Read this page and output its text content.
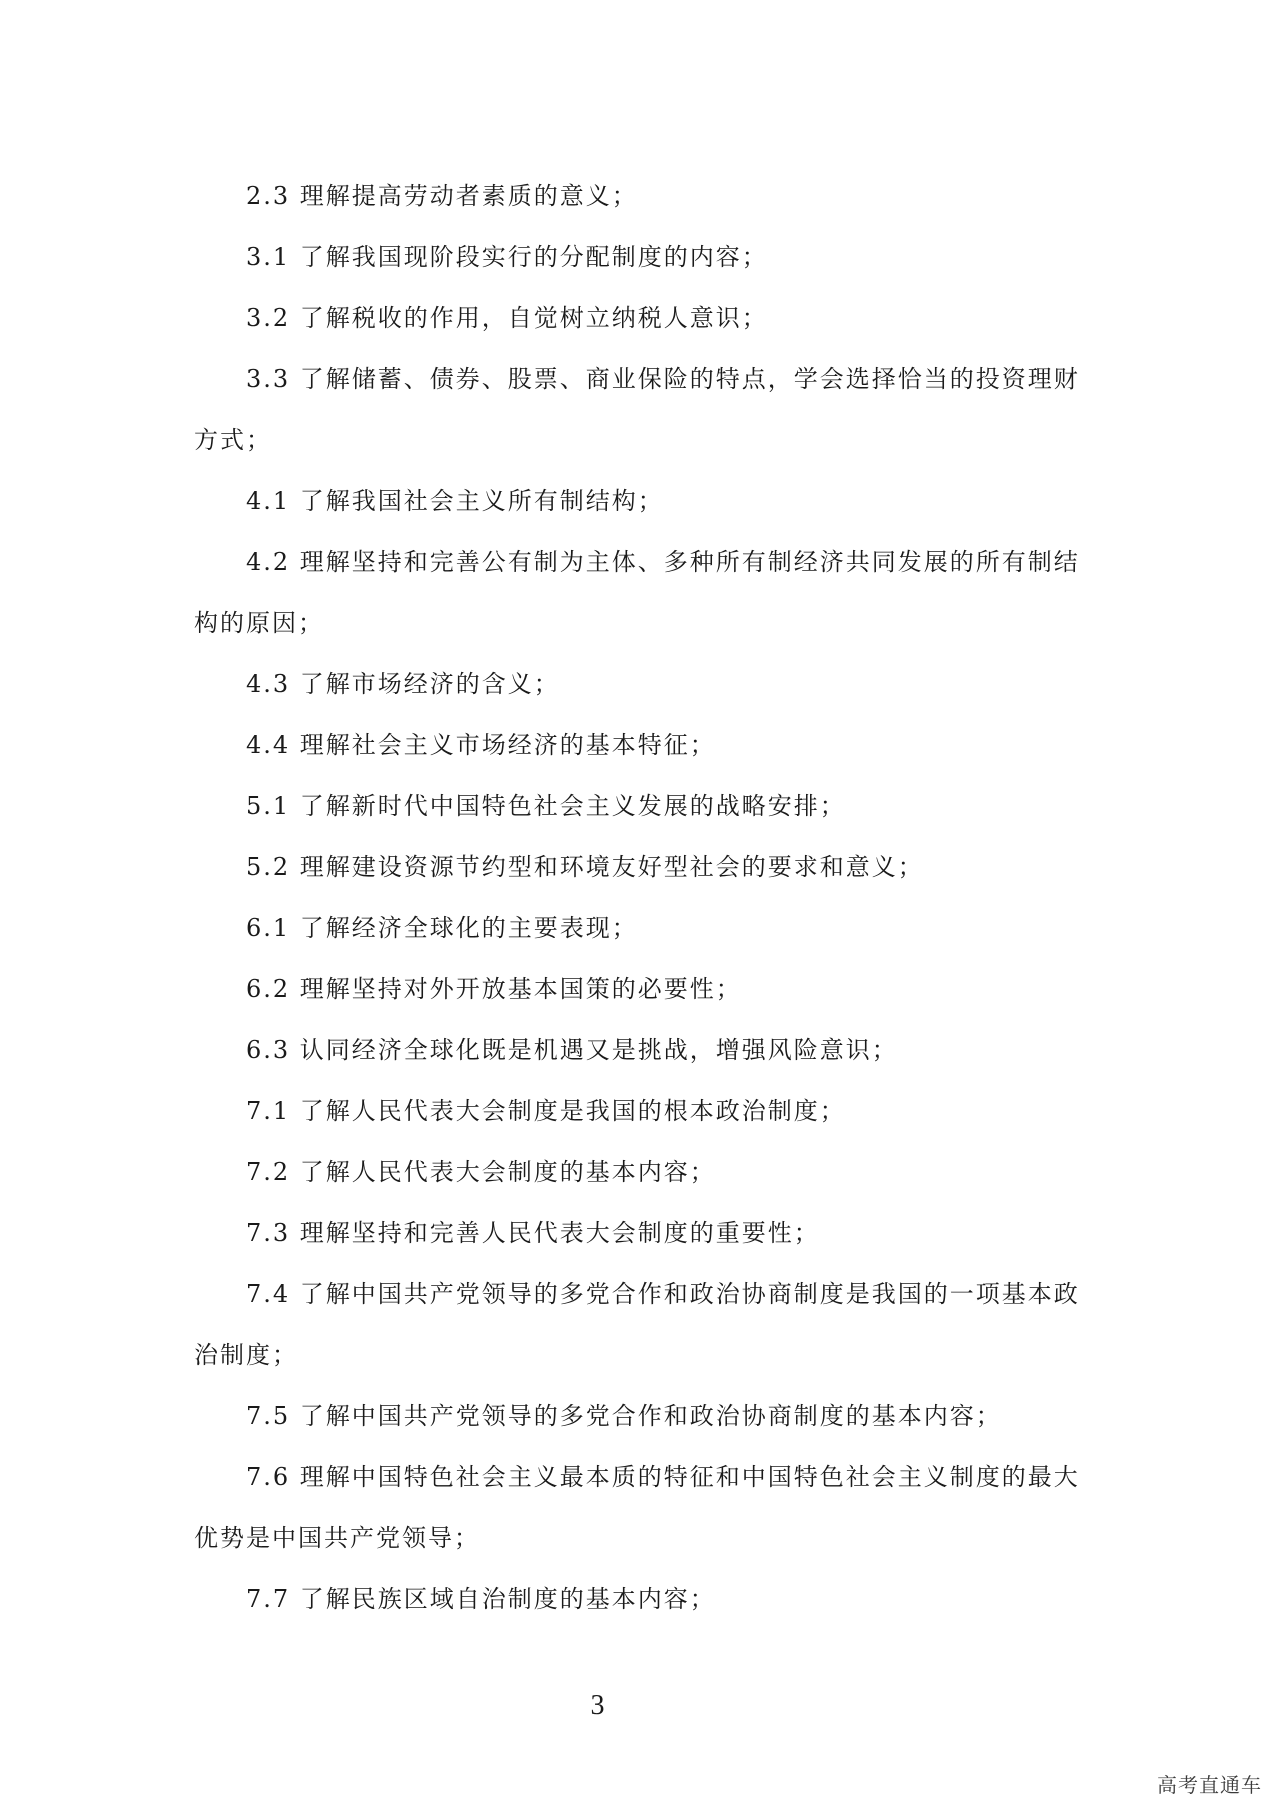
2.3 理解提高劳动者素质的意义；

3.1 了解我国现阶段实行的分配制度的内容；

3.2 了解税收的作用，自觉树立纳税人意识；

3.3 了解储蓄、债券、股票、商业保险的特点，学会选择恰当的投资理财方式；

4.1 了解我国社会主义所有制结构；

4.2 理解坚持和完善公有制为主体、多种所有制经济共同发展的所有制结构的原因；

4.3 了解市场经济的含义；

4.4 理解社会主义市场经济的基本特征；

5.1 了解新时代中国特色社会主义发展的战略安排；

5.2 理解建设资源节约型和环境友好型社会的要求和意义；

6.1 了解经济全球化的主要表现；

6.2 理解坚持对外开放基本国策的必要性；

6.3 认同经济全球化既是机遇又是挑战，增强风险意识；

7.1 了解人民代表大会制度是我国的根本政治制度；

7.2 了解人民代表大会制度的基本内容；

7.3 理解坚持和完善人民代表大会制度的重要性；

7.4 了解中国共产党领导的多党合作和政治协商制度是我国的一项基本政治制度；

7.5 了解中国共产党领导的多党合作和政治协商制度的基本内容；

7.6 理解中国特色社会主义最本质的特征和中国特色社会主义制度的最大优势是中国共产党领导；

7.7 了解民族区域自治制度的基本内容；

3
高考直通车
